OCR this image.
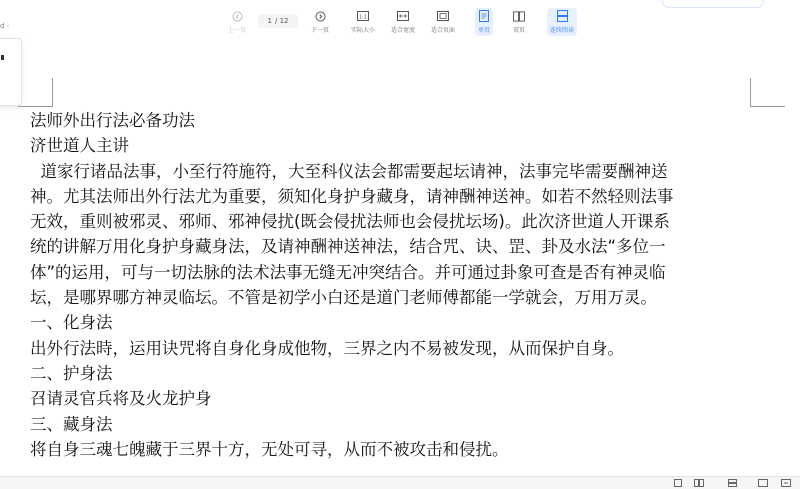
d -
上一页
1 / 12
下一页
1:1
实际大小	适合宽度	适合页面	单页	双页	连续阅读

法师外出行法必备功法

济世道人主讲

道家行诸品法事，小至行符施符，大至科仪法会都需要起坛请神，法事完毕需要酬神送

神。尤其法师出外行法尤为重要，须知化身护身藏身，请神酬神送神。如若不然轻则法事

无效，重则被邪灵、邪师、邪神侵扰(既会侵扰法师也会侵扰坛场)。此次济世道人开课系

统的讲解万用化身护身藏身法，及请神酬神送神法，结合咒、诀、罡、卦及水法“多位一

体”的运用，可与一切法脉的法术法事无缝无冲突结合。并可通过卦象可查是否有神灵临

坛，是哪界哪方神灵临坛。不管是初学小白还是道门老师傅都能一学就会，万用万灵。

一、化身法

出外行法時，运用诀咒将自身化身成他物，三界之内不易被发现，从而保护自身。

二、护身法

召请灵官兵将及火龙护身

三、藏身法

将自身三魂七魄藏于三界十方，无处可寻，从而不被攻击和侵扰。
